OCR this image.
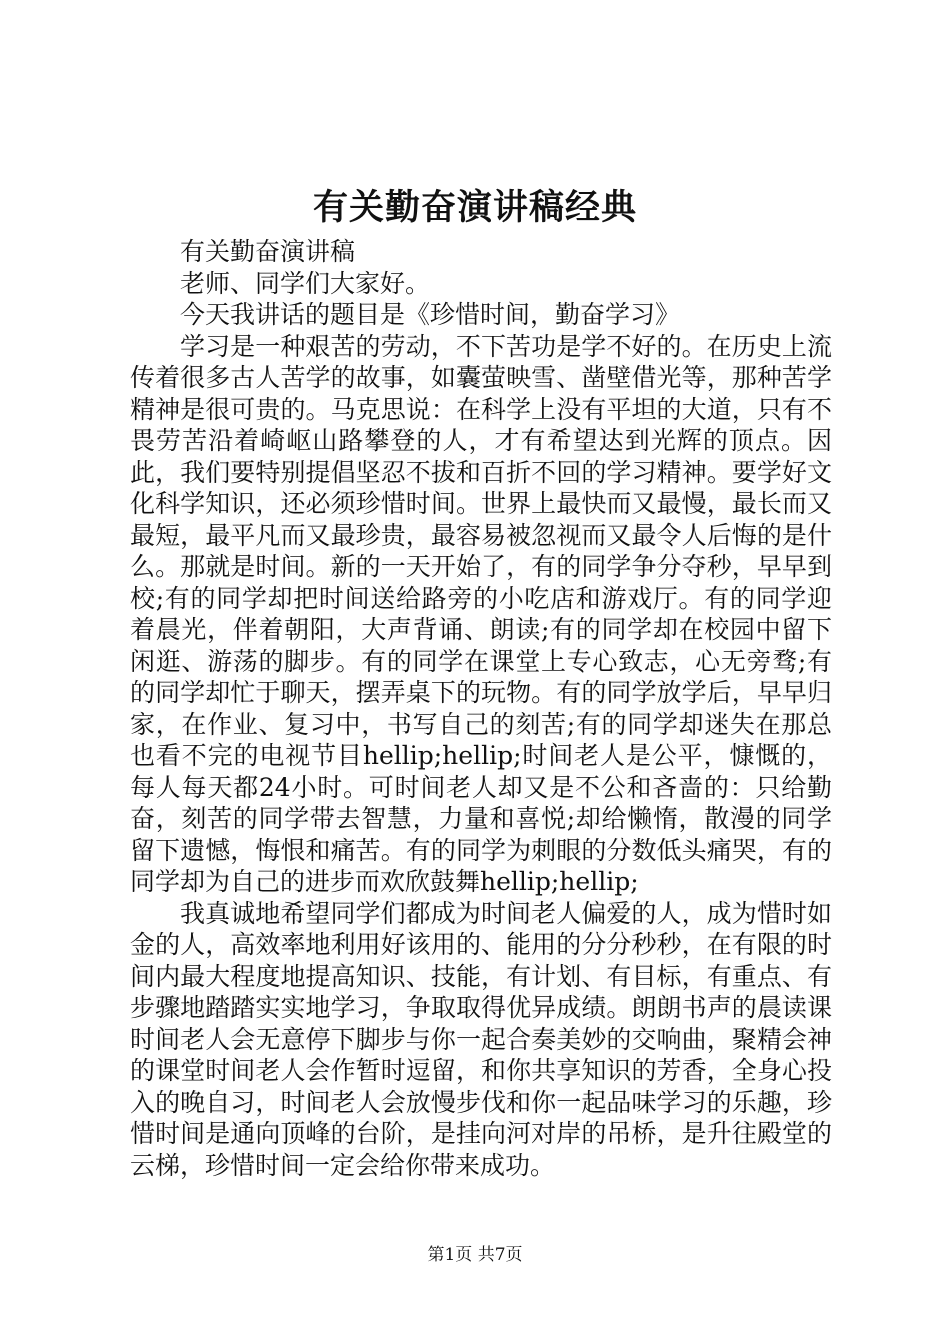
有关勤奋演讲稿经典

有关勤奋演讲稿

老师、同学们大家好。

今天我讲话的题目是《珍惜时间，勤奋学习》

学习是一种艰苦的劳动，不下苦功是学不好的。在历史上流传着很多古人苦学的故事，如囊萤映雪、凿壁借光等，那种苦学精神是很可贵的。马克思说：在科学上没有平坦的大道，只有不畏劳苦沿着崎岖山路攀登的人，才有希望达到光辉的顶点。因此，我们要特别提倡坚忍不拔和百折不回的学习精神。要学好文化科学知识，还必须珍惜时间。世界上最快而又最慢，最长而又最短，最平凡而又最珍贵，最容易被忽视而又最令人后悔的是什么。那就是时间。新的一天开始了，有的同学争分夺秒，早早到校;有的同学却把时间送给路旁的小吃店和游戏厅。有的同学迎着晨光，伴着朝阳，大声背诵、朗读;有的同学却在校园中留下闲逛、游荡的脚步。有的同学在课堂上专心致志，心无旁骛;有的同学却忙于聊天，摆弄桌下的玩物。有的同学放学后，早早归家，在作业、复习中，书写自己的刻苦;有的同学却迷失在那总也看不完的电视节目hellip;hellip;时间老人是公平，慷慨的，每人每天都24小时。可时间老人却又是不公和吝啬的：只给勤奋，刻苦的同学带去智慧，力量和喜悦;却给懒惰，散漫的同学留下遗憾，悔恨和痛苦。有的同学为刺眼的分数低头痛哭，有的同学却为自己的进步而欢欣鼓舞hellip;hellip;

我真诚地希望同学们都成为时间老人偏爱的人，成为惜时如金的人，高效率地利用好该用的、能用的分分秒秒，在有限的时间内最大程度地提高知识、技能，有计划、有目标，有重点、有步骤地踏踏实实地学习，争取取得优异成绩。朗朗书声的晨读课时间老人会无意停下脚步与你一起合奏美妙的交响曲，聚精会神的课堂时间老人会作暂时逗留，和你共享知识的芳香，全身心投入的晚自习，时间老人会放慢步伐和你一起品味学习的乐趣，珍惜时间是通向顶峰的台阶，是挂向河对岸的吊桥，是升往殿堂的云梯，珍惜时间一定会给你带来成功。

第1页 共7页
